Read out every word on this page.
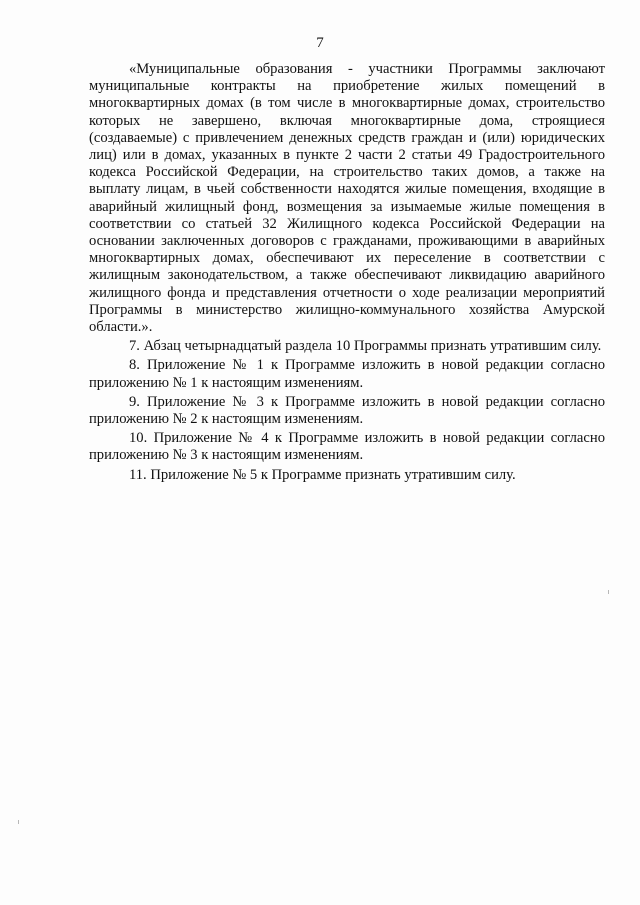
7

«Муниципальные образования - участники Программы заключают муниципальные контракты на приобретение жилых помещений в многоквартирных домах (в том числе в многоквартирные домах, строительство которых не завершено, включая многоквартирные дома, строящиеся (создаваемые) с привлечением денежных средств граждан и (или) юридических лиц) или в домах, указанных в пункте 2 части 2 статьи 49 Градостроительного кодекса Российской Федерации, на строительство таких домов, а также на выплату лицам, в чьей собственности находятся жилые помещения, входящие в аварийный жилищный фонд, возмещения за изымаемые жилые помещения в соответствии со статьей 32 Жилищного кодекса Российской Федерации на основании заключенных договоров с гражданами, проживающими в аварийных многоквартирных домах, обеспечивают их переселение в соответствии с жилищным законодательством, а также обеспечивают ликвидацию аварийного жилищного фонда и представления отчетности о ходе реализации мероприятий Программы в министерство жилищно-коммунального хозяйства Амурской области.».

7. Абзац четырнадцатый раздела 10 Программы признать утратившим силу.

8. Приложение № 1 к Программе изложить в новой редакции согласно приложению № 1 к настоящим изменениям.

9. Приложение № 3 к Программе изложить в новой редакции согласно приложению № 2 к настоящим изменениям.

10. Приложение № 4 к Программе изложить в новой редакции согласно приложению № 3 к настоящим изменениям.

11. Приложение № 5 к Программе признать утратившим силу.
